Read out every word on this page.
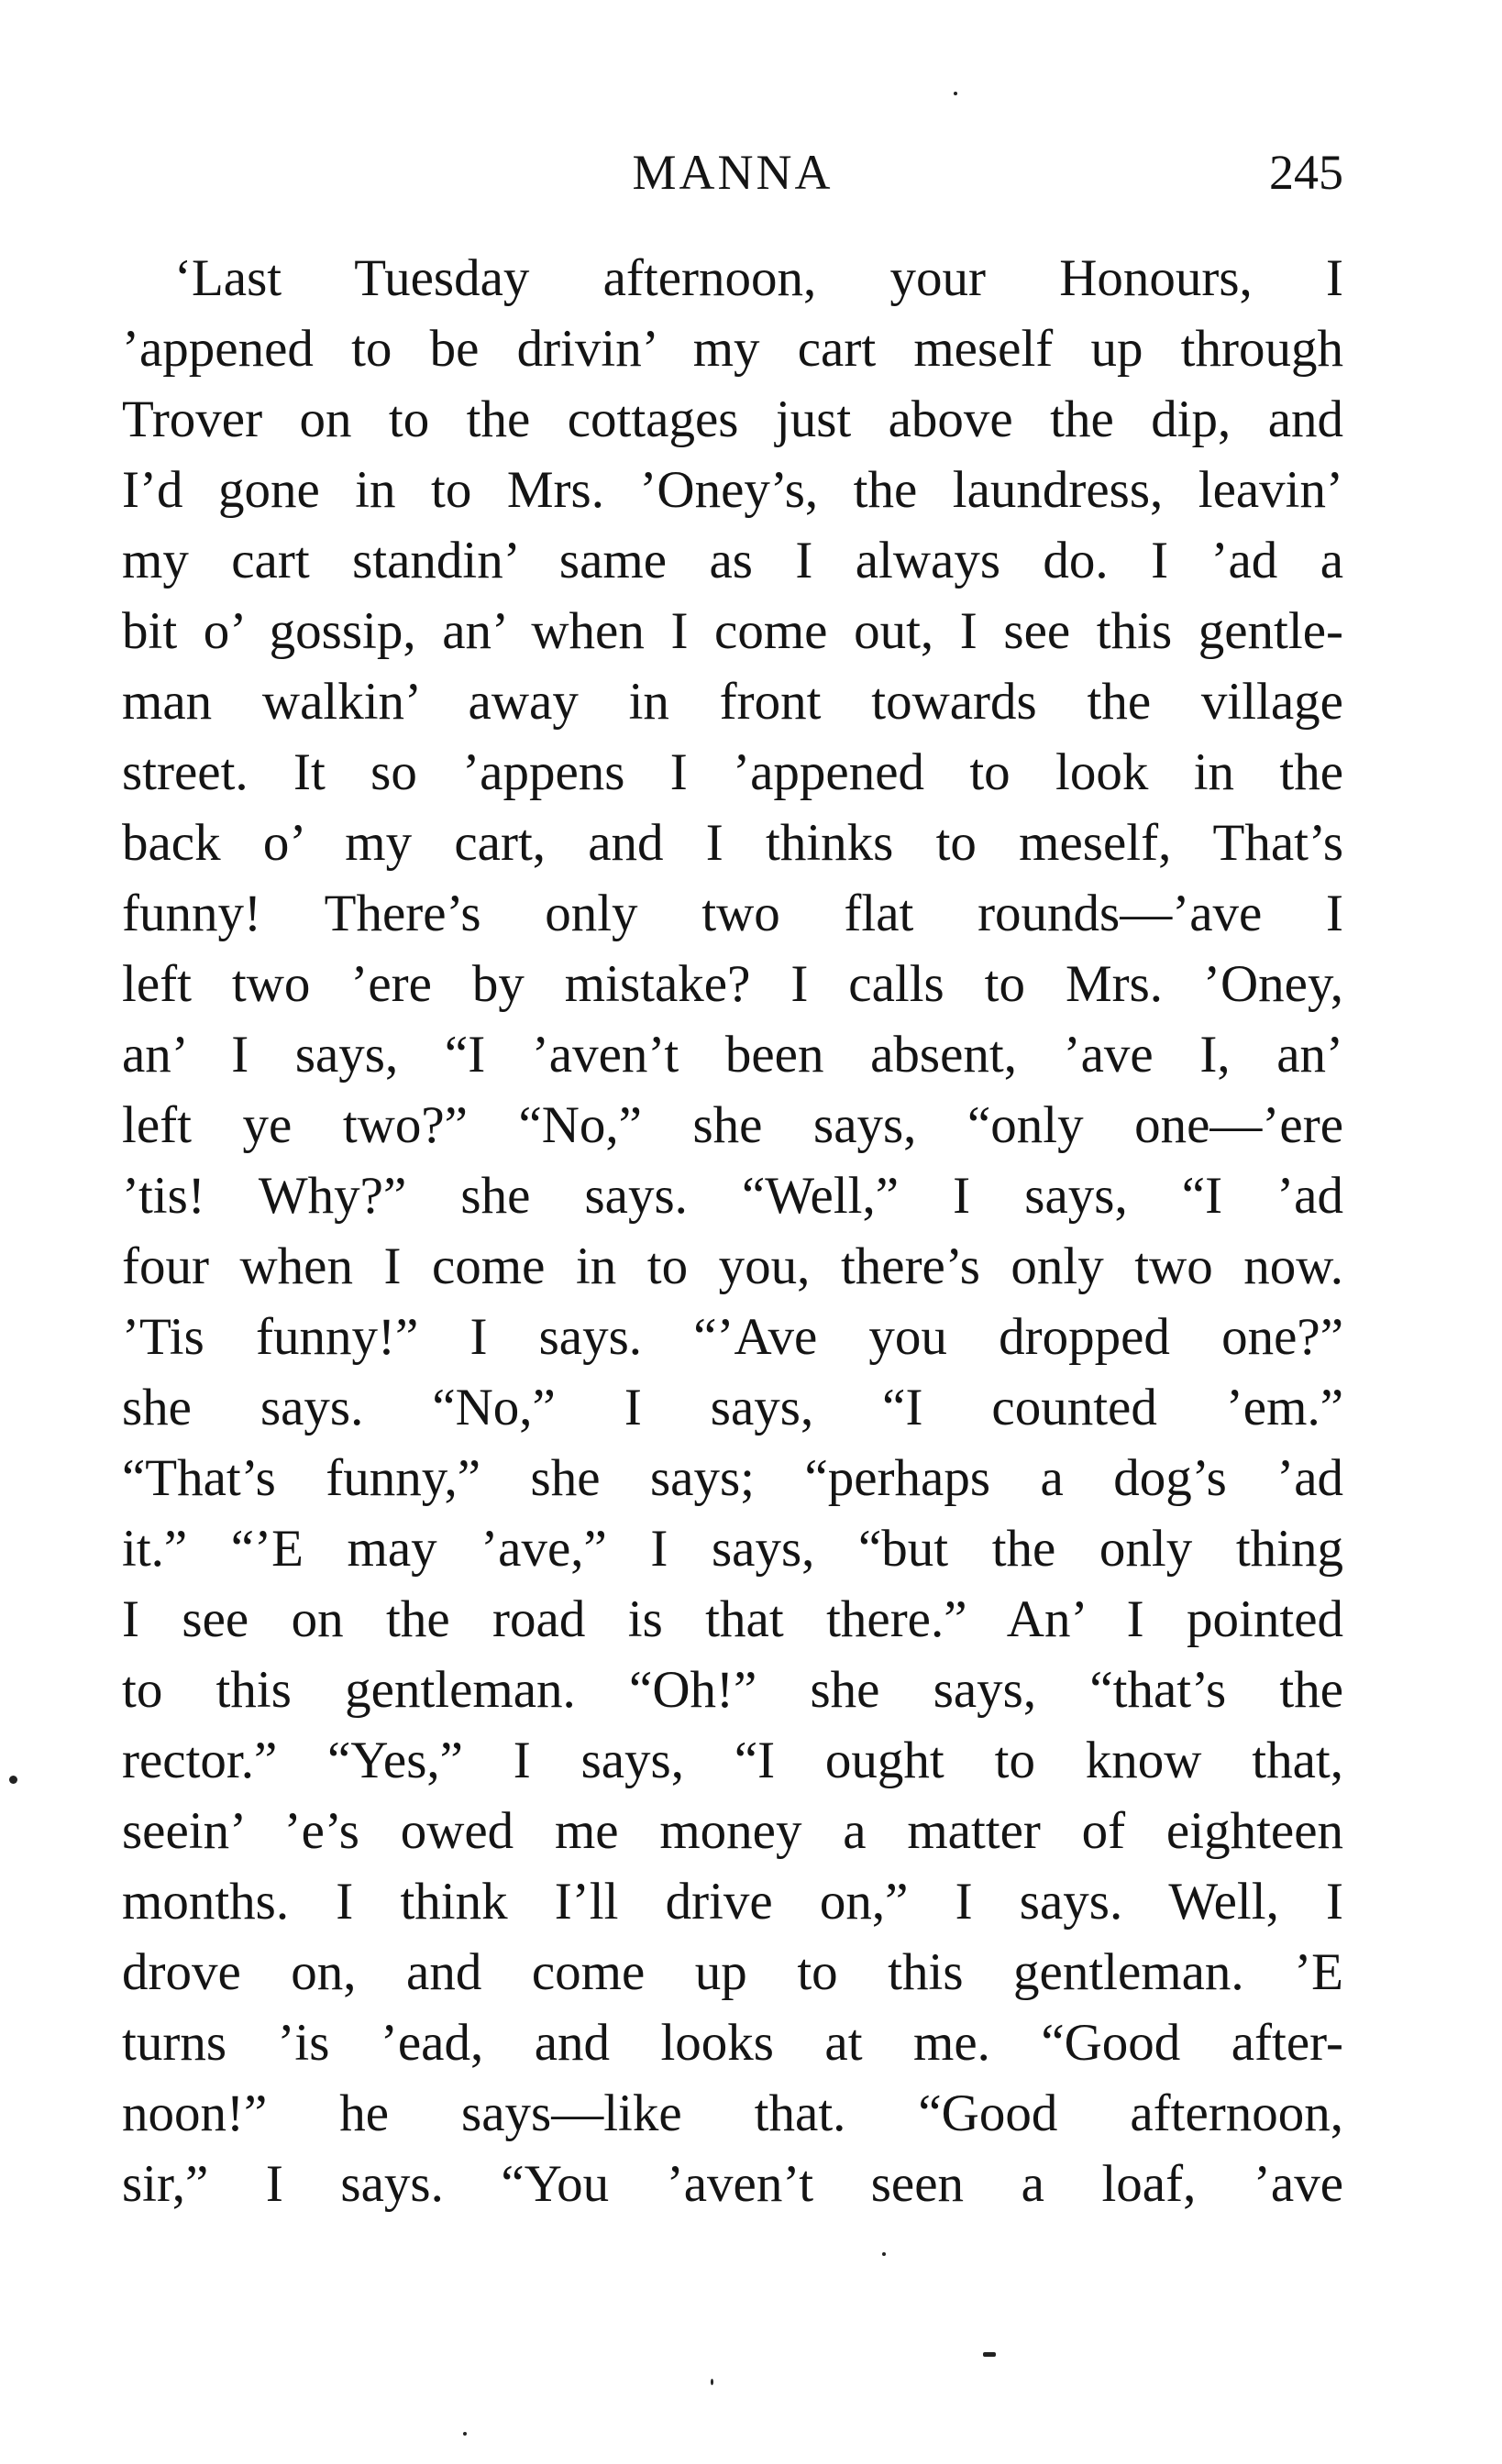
MANNA	245
‘Last Tuesday afternoon, your Honours, I
’appened to be drivin’ my cart meself up through
Trover on to the cottages just above the dip, and
I’d gone in to Mrs. ’Oney’s, the laundress, leavin’
my cart standin’ same as I always do. I ’ad a
bit o’ gossip, an’ when I come out, I see this gentle-
man walkin’ away in front towards the village
street. It so ’appens I ’appened to look in the
back o’ my cart, and I thinks to meself, That’s
funny! There’s only two flat rounds—’ave I
left two ’ere by mistake? I calls to Mrs. ’Oney,
an’ I says, “I ’aven’t been absent, ’ave I, an’
left ye two?” “No,” she says, “only one—’ere
’tis! Why?” she says. “Well,” I says, “I ’ad
four when I come in to you, there’s only two now.
’Tis funny!” I says. “’Ave you dropped one?”
she says. “No,” I says, “I counted ’em.”
“That’s funny,” she says; “perhaps a dog’s ’ad
it.” “’E may ’ave,” I says, “but the only thing
I see on the road is that there.” An’ I pointed
to this gentleman. “Oh!” she says, “that’s the
rector.” “Yes,” I says, “I ought to know that,
seein’ ’e’s owed me money a matter of eighteen
months. I think I’ll drive on,” I says. Well, I
drove on, and come up to this gentleman. ’E
turns ’is ’ead, and looks at me. “Good after-
noon!” he says—like that. “Good afternoon,
sir,” I says. “You ’aven’t seen a loaf, ’ave
